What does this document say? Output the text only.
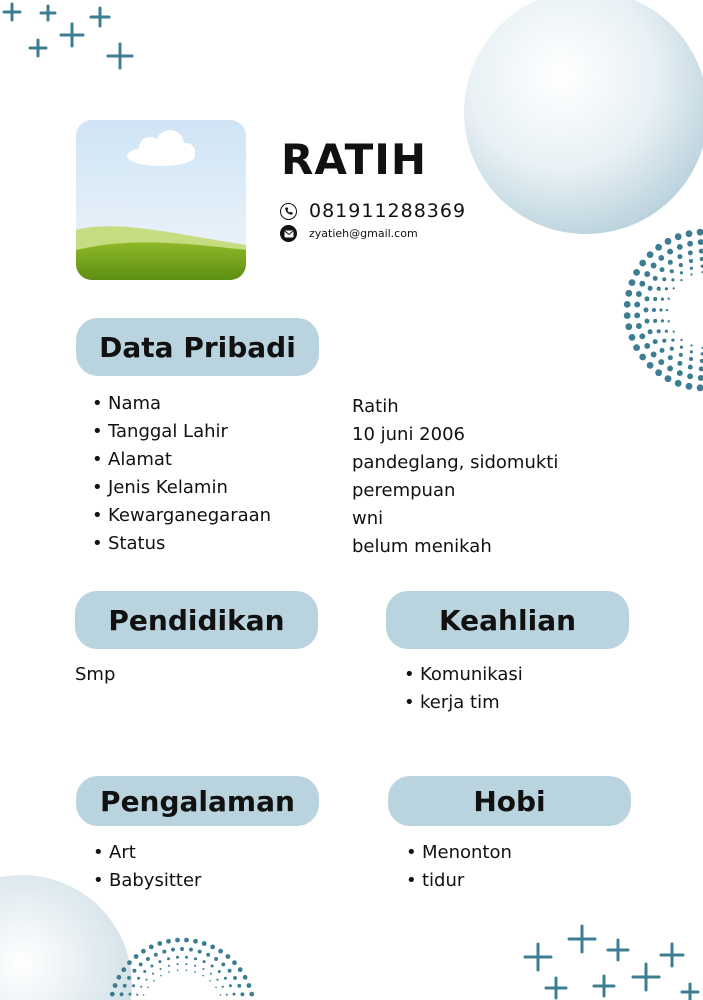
RATIH
081911288369
zyatieh@gmail.com
Data Pribadi
• Nama
• Tanggal Lahir
• Alamat
• Jenis Kelamin
• Kewarganegaraan
• Status
Ratih
10 juni 2006
pandeglang, sidomukti
perempuan
wni
belum menikah
Pendidikan
Smp
Keahlian
• Komunikasi
• kerja tim
Pengalaman
• Art
• Babysitter
Hobi
• Menonton
• tidur
